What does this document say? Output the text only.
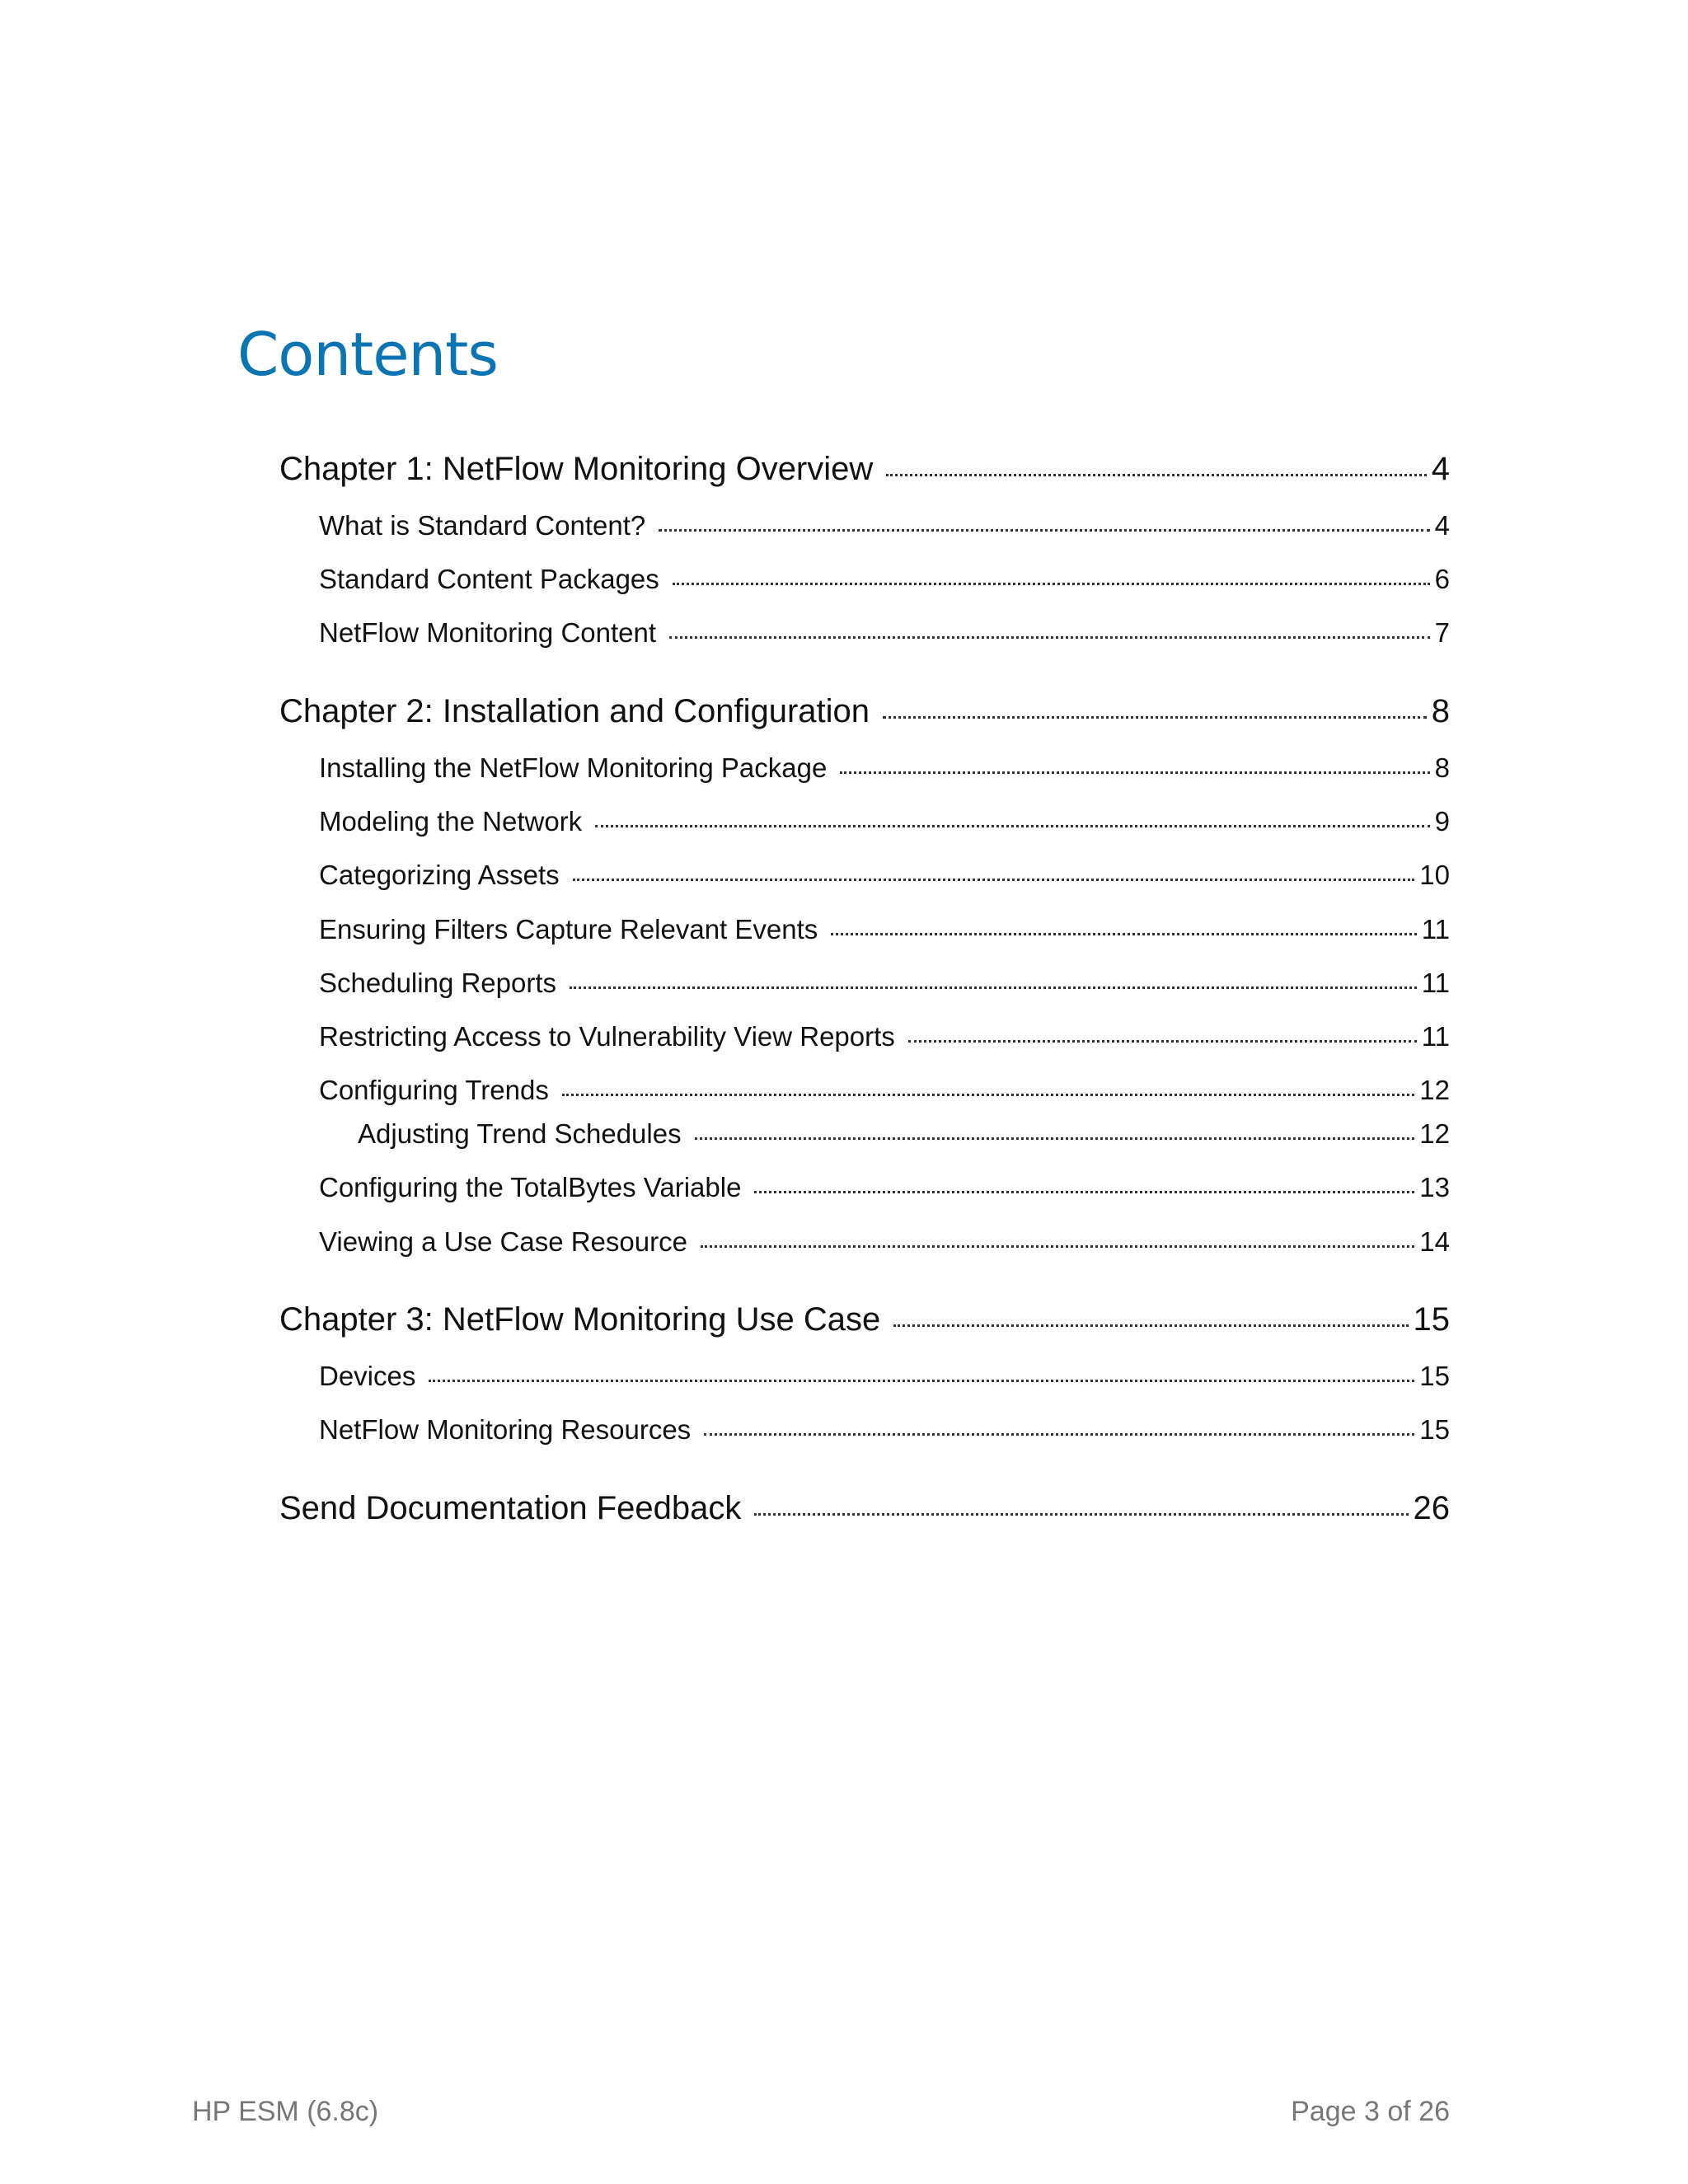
Contents
Chapter 1: NetFlow Monitoring Overview	4
What is Standard Content?	4
Standard Content Packages	6
NetFlow Monitoring Content	7
Chapter 2: Installation and Configuration	8
Installing the NetFlow Monitoring Package	8
Modeling the Network	9
Categorizing Assets	10
Ensuring Filters Capture Relevant Events	11
Scheduling Reports	11
Restricting Access to Vulnerability View Reports	11
Configuring Trends	12
Adjusting Trend Schedules	12
Configuring the TotalBytes Variable	13
Viewing a Use Case Resource	14
Chapter 3: NetFlow Monitoring Use Case	15
Devices	15
NetFlow Monitoring Resources	15
Send Documentation Feedback	26
HP ESM (6.8c)	Page 3 of 26
